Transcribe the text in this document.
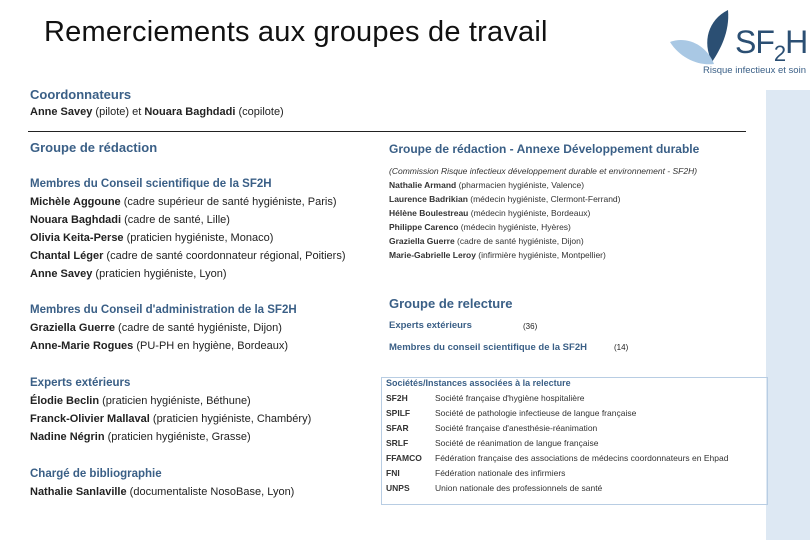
Remerciements aux groupes de travail	$SF_2H$
Risque infectieux et soin
Coordonnateurs
Anne Savey (pilote) et Nouara Baghdadi (copilote)
Groupe de rédaction
Membres du Conseil scientifique de la SF2H
Michèle Aggoune (cadre supérieur de santé hygiéniste, Paris)
Nouara Baghdadi (cadre de santé, Lille)
Olivia Keita-Perse (praticien hygiéniste, Monaco)
Chantal Léger (cadre de santé coordonnateur régional, Poitiers)
Anne Savey (praticien hygiéniste, Lyon)
Membres du Conseil d'administration de la SF2H
Graziella Guerre (cadre de santé hygiéniste, Dijon)
Anne-Marie Rogues (PU-PH en hygiène, Bordeaux)
Experts extérieurs
Élodie Beclin (praticien hygiéniste, Béthune)
Franck-Olivier Mallaval (praticien hygiéniste, Chambéry)
Nadine Négrin (praticien hygiéniste, Grasse)
Chargé de bibliographie
Nathalie Sanlaville (documentaliste NosoBase, Lyon)
Groupe de rédaction - Annexe Développement durable
(Commission Risque infectieux développement durable et environnement - SF2H)
Nathalie Armand (pharmacien hygiéniste, Valence)
Laurence Badrikian (médecin hygiéniste, Clermont-Ferrand)
Hélène Boulestreau (médecin hygiéniste, Bordeaux)
Philippe Carenco (médecin hygiéniste, Hyères)
Graziella Guerre (cadre de santé hygiéniste, Dijon)
Marie-Gabrielle Leroy (infirmière hygiéniste, Montpellier)
Groupe de relecture
Experts extérieurs	(36)
Membres du conseil scientifique de la SF2H	(14)
Sociétés/Instances associées à la relecture
SF2H	Société française d'hygiène hospitalière
SPILF	Société de pathologie infectieuse de langue française
SFAR	Société française d'anesthésie-réanimation
SRLF	Société de réanimation de langue française
FFAMCO Fédération française des associations de médecins coordonnateurs en Ehpad
FNI	Fédération nationale des infirmiers
UNPS	Union nationale des professionnels de santé
